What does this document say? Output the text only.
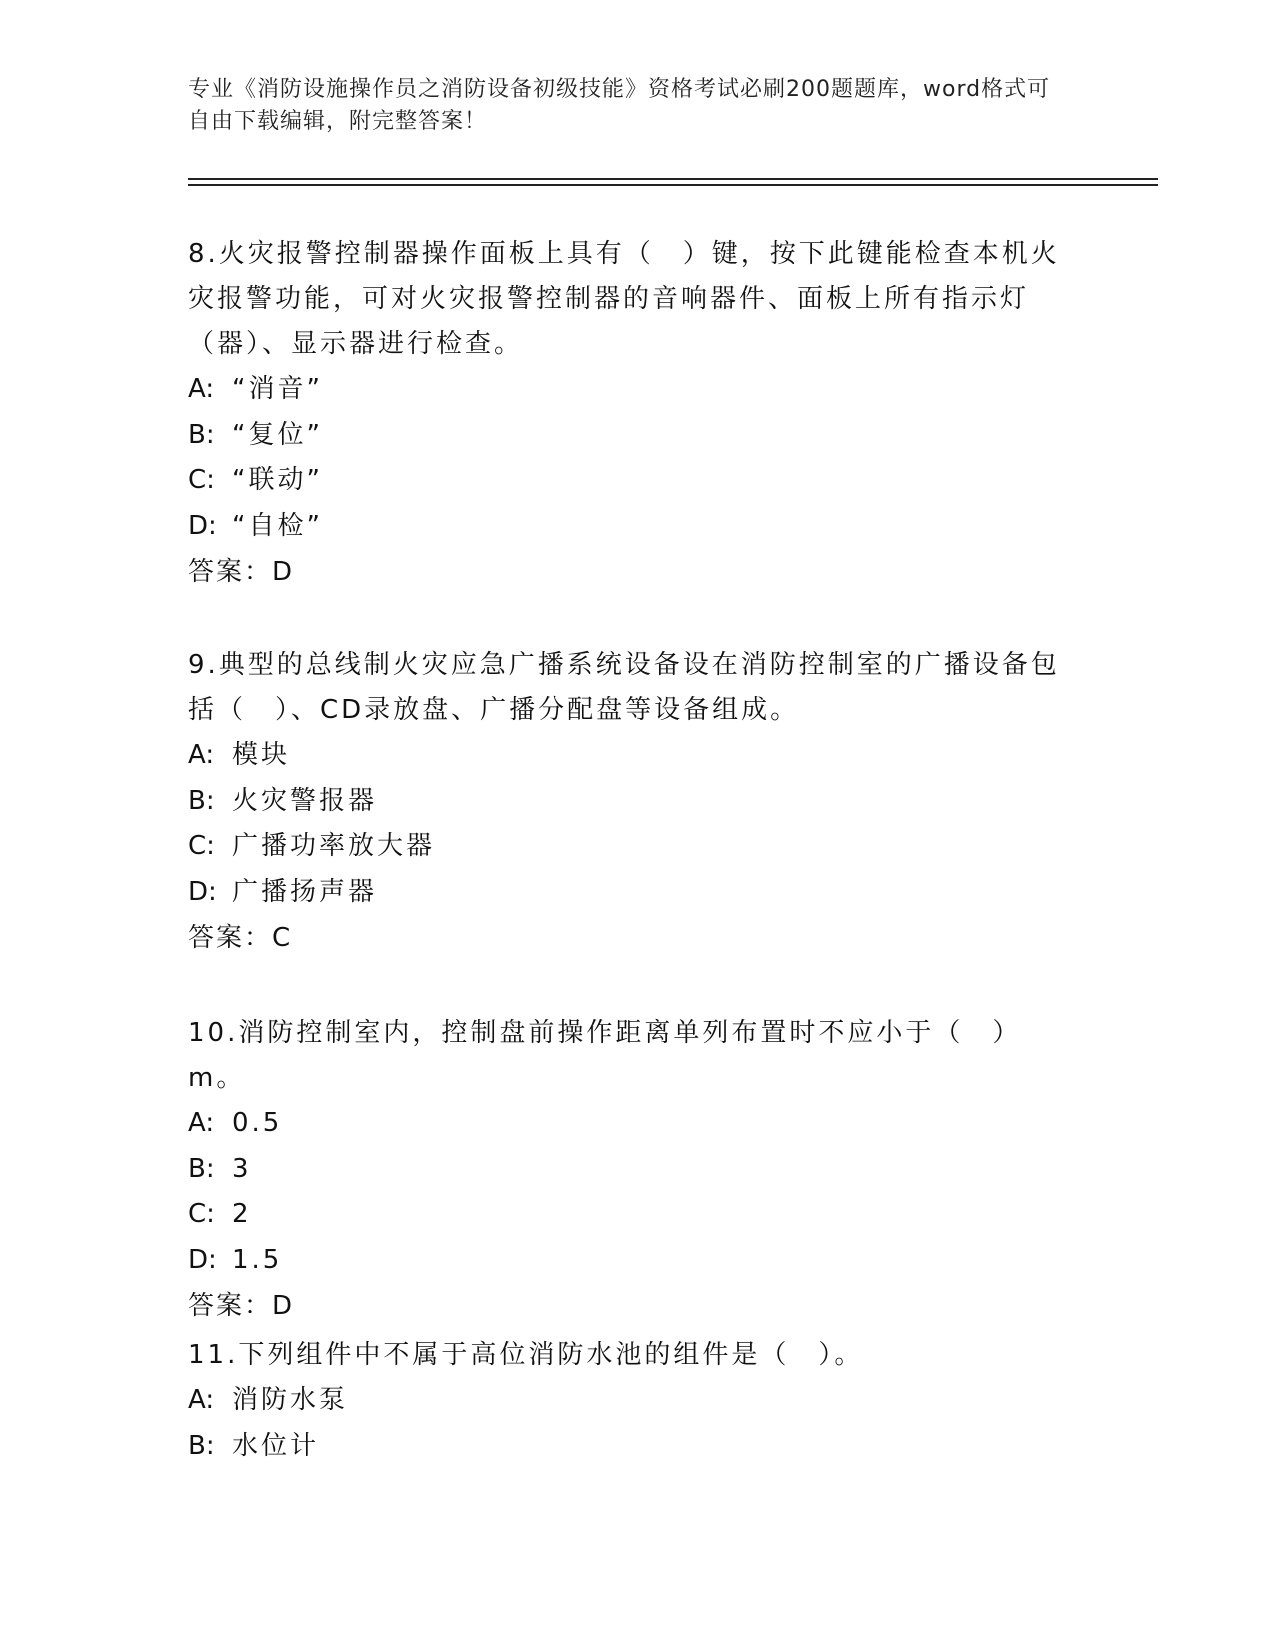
专业《消防设施操作员之消防设备初级技能》资格考试必刷200题题库，word格式可自由下载编辑，附完整答案！

8.火灾报警控制器操作面板上具有（　）键，按下此键能检查本机火灾报警功能，可对火灾报警控制器的音响器件、面板上所有指示灯（器）、显示器进行检查。

A: “消音”
B: “复位”
C: “联动”
D: “自检”
答案：D

9.典型的总线制火灾应急广播系统设备设在消防控制室的广播设备包括（　）、CD录放盘、广播分配盘等设备组成。

A: 模块
B: 火灾警报器
C: 广播功率放大器
D: 广播扬声器
答案：C

10.消防控制室内，控制盘前操作距离单列布置时不应小于（　）m。

A: 0.5
B: 3
C: 2
D: 1.5
答案：D

11.下列组件中不属于高位消防水池的组件是（　）。

A: 消防水泵
B: 水位计
